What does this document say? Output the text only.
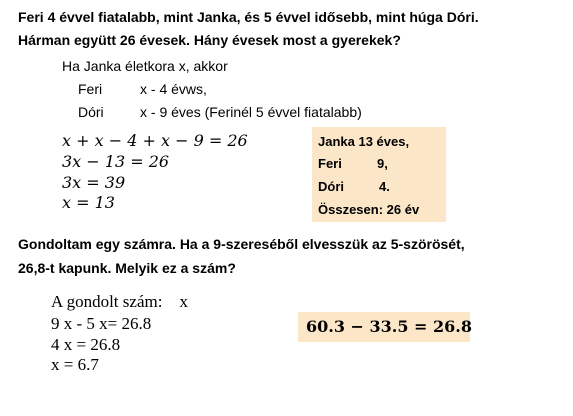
Feri 4 évvel fiatalabb, mint Janka, és 5 évvel idősebb, mint húga Dóri.
Hárman együtt 26 évesek. Hány évesek most a gyerekek?
Ha Janka életkora x, akkor
Feri	x - 4 évws,
Dóri	x - 9 éves (Ferinél 5 évvel fiatalabb)
x + x − 4 + x − 9 = 26
3x − 13 = 26
3x = 39
x = 13
Janka 13 éves,
Feri	9,
Dóri	4.
Összesen: 26 év
Gondoltam egy számra. Ha a 9-szereséből elvesszük az 5-szörösét,
26,8-t kapunk. Melyik ez a szám?
A gondolt szám:    x
9 x - 5 x= 26.8
4 x = 26.8
x = 6.7
60.3 − 33.5 = 26.8
